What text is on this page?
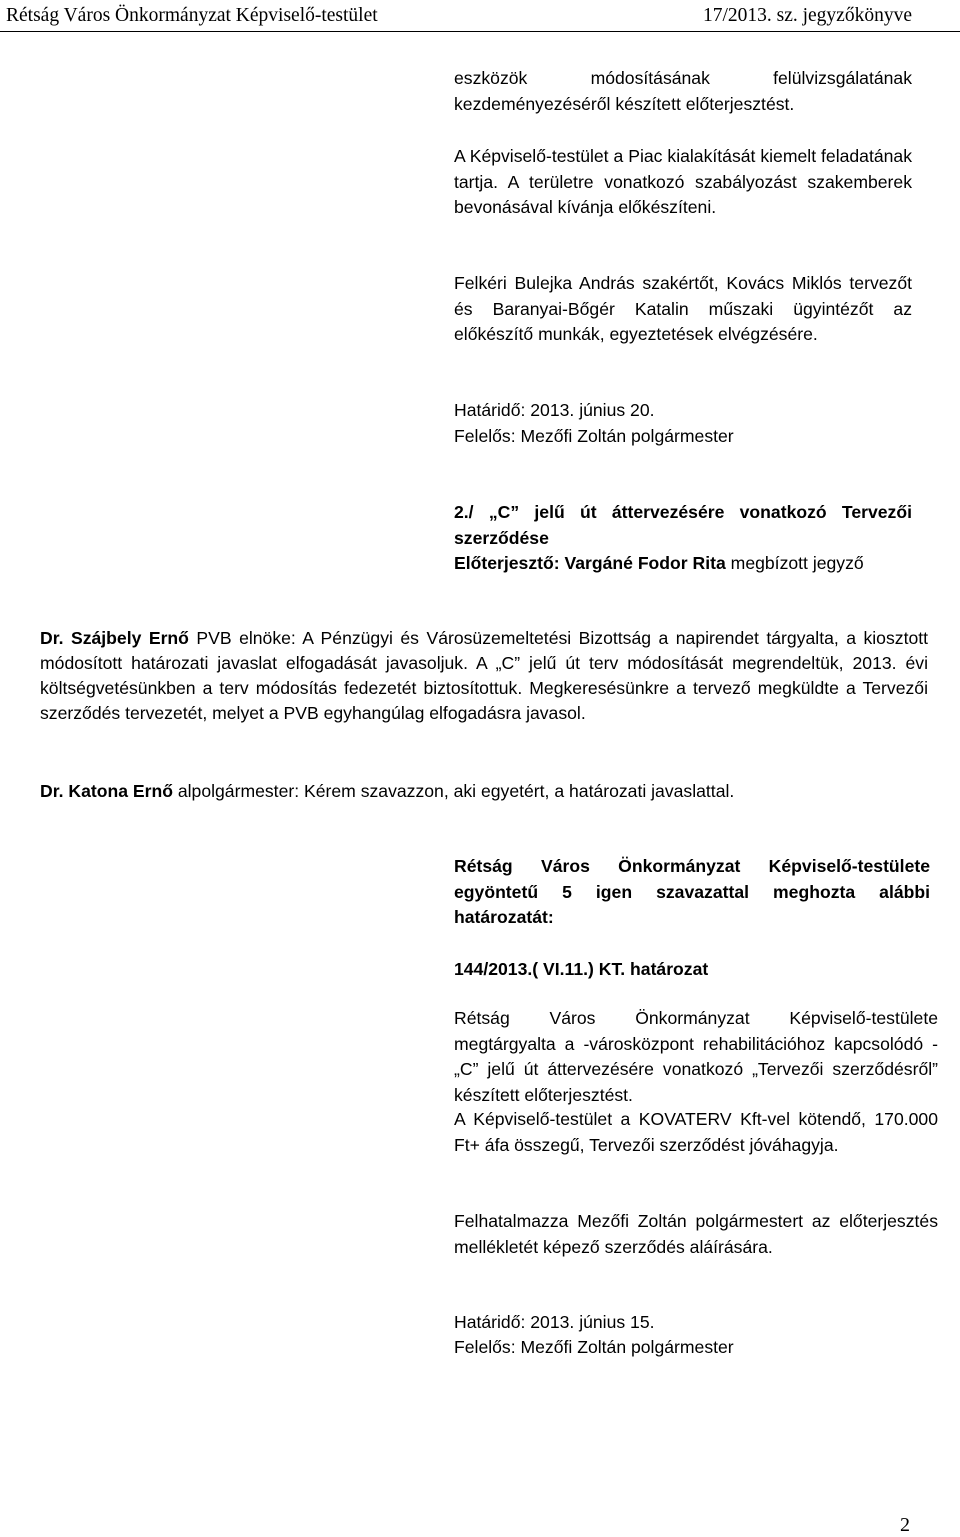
Rétság Város Önkormányzat Képviselő-testület	17/2013. sz. jegyzőkönyve
eszközök módosításának felülvizsgálatának kezdeményezéséről készített előterjesztést.
A Képviselő-testület a Piac kialakítását kiemelt feladatának tartja. A területre vonatkozó szabályozást szakemberek bevonásával kívánja előkészíteni.
Felkéri Bulejka András szakértőt, Kovács Miklós tervezőt és Baranyai-Bőgér Katalin műszaki ügyintézőt az előkészítő munkák, egyeztetések elvégzésére.
Határidő: 2013. június 20.
Felelős: Mezőfi Zoltán polgármester
2./ „C” jelű út áttervezésére vonatkozó Tervezői szerződése
Előterjesztő: Vargáné Fodor Rita megbízott jegyző
Dr. Szájbely Ernő PVB elnöke: A Pénzügyi és Városüzemeltetési Bizottság a napirendet tárgyalta, a kiosztott módosított határozati javaslat elfogadását javasoljuk. A „C” jelű út terv módosítását megrendeltük, 2013. évi költségvetésünkben a terv módosítás fedezetét biztosítottuk. Megkeresésünkre a tervező megküldte a Tervezői szerződés tervezetét, melyet a PVB egyhangúlag elfogadásra javasol.
Dr. Katona Ernő alpolgármester: Kérem szavazzon, aki egyetért, a határozati javaslattal.
Rétság Város Önkormányzat Képviselő-testülete egyöntetű 5 igen szavazattal meghozta alábbi határozatát:
144/2013.( VI.11.) KT. határozat
Rétság Város Önkormányzat Képviselő-testülete megtárgyalta a -városközpont rehabilitációhoz kapcsolódó - „C” jelű út áttervezésére vonatkozó „Tervezői szerződésről” készített előterjesztést.
A Képviselő-testület a KOVATERV Kft-vel kötendő, 170.000 Ft+ áfa összegű, Tervezői szerződést jóváhagyja.
Felhatalmazza Mezőfi Zoltán polgármestert az előterjesztés mellékletét képező szerződés aláírására.
Határidő: 2013. június 15.
Felelős: Mezőfi Zoltán polgármester
2
